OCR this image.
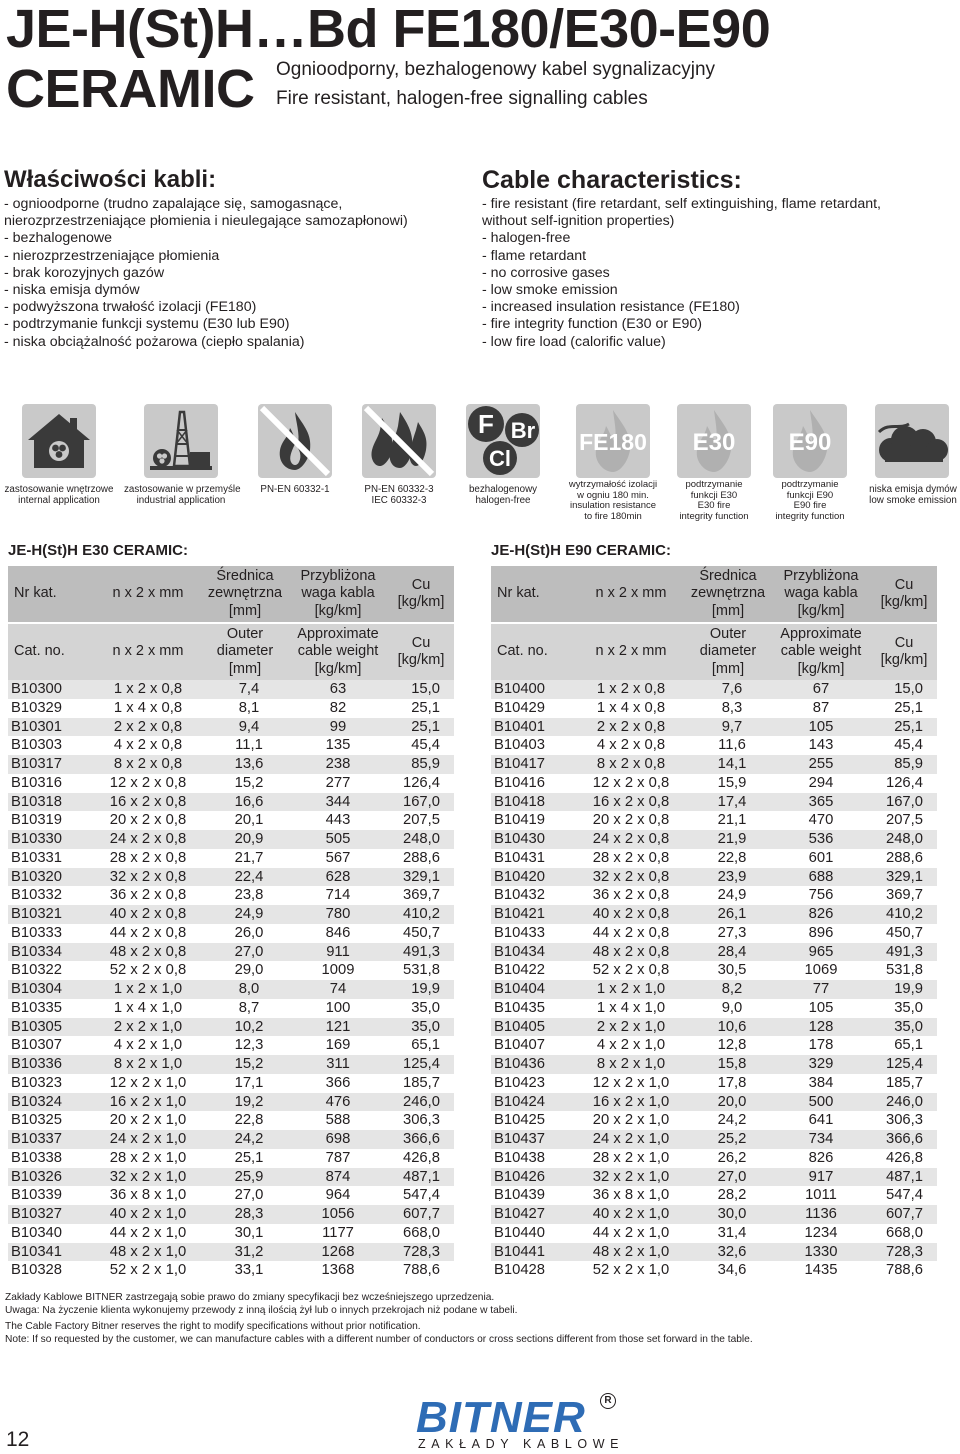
JE-H(St)H…Bd FE180/E30-E90
CERAMIC Ognioodporny, bezhalogenowy kabel sygnalizacyjny
Fire resistant, halogen-free signalling cables
Właściwości kabli:
- ognioodporne (trudno zapalające się, samogasnące,
nierozprzestrzeniające płomienia i nieulegające samozapłonowi)
- bezhalogenowe
- nierozprzestrzeniające płomienia
- brak korozyjnych gazów
- niska emisja dymów
- podwyższona trwałość izolacji (FE180)
- podtrzymanie funkcji systemu (E30 lub E90)
- niska obciążalność pożarowa (ciepło spalania)
Cable characteristics:
- fire resistant (fire retardant, self extinguishing, flame retardant,
without self-ignition properties)
- halogen-free
- flame retardant
- no corrosive gases
- low smoke emission
- increased insulation resistance (FE180)
- fire integrity function (E30 or E90)
- low fire load (calorific value)
zastosowanie wnętrzowe
internal application
zastosowanie w przemyśle
industrial application
PN-EN 60332-1	PN-EN 60332-3
IEC 60332-3
F Br
Cl
bezhalogenowy
halogen-free
FE180
wytrzymałość izolacji
w ogniu 180 min.
insulation resistance
to fire 180min
E30
podtrzymanie
funkcji E30
E30 fire
integrity function
E90
podtrzymanie
funkcji E90
E90 fire
integrity function
niska emisja dymów
low smoke emission
JE-H(St)H E30 CERAMIC:	JE-H(St)H E90 CERAMIC:
Nr kat.	n x 2 x mm	Średnica zewnętrzna [mm]	Przybliżona waga kabla [kg/km]	Cu [kg/km]
Cat. no.	n x 2 x mm	Outer diameter [mm]	Approximate cable weight [kg/km]	Cu [kg/km]
B10300	1 x 2 x 0,8	7,4	63	15,0
B10329	1 x 4 x 0,8	8,1	82	25,1
B10301	2 x 2 x 0,8	9,4	99	25,1
B10303	4 x 2 x 0,8	11,1	135	45,4
B10317	8 x 2 x 0,8	13,6	238	85,9
B10316	12 x 2 x 0,8	15,2	277	126,4
B10318	16 x 2 x 0,8	16,6	344	167,0
B10319	20 x 2 x 0,8	20,1	443	207,5
B10330	24 x 2 x 0,8	20,9	505	248,0
B10331	28 x 2 x 0,8	21,7	567	288,6
B10320	32 x 2 x 0,8	22,4	628	329,1
B10332	36 x 2 x 0,8	23,8	714	369,7
B10321	40 x 2 x 0,8	24,9	780	410,2
B10333	44 x 2 x 0,8	26,0	846	450,7
B10334	48 x 2 x 0,8	27,0	911	491,3
B10322	52 x 2 x 0,8	29,0	1009	531,8
B10304	1 x 2 x 1,0	8,0	74	19,9
B10335	1 x 4 x 1,0	8,7	100	35,0
B10305	2 x 2 x 1,0	10,2	121	35,0
B10307	4 x 2 x 1,0	12,3	169	65,1
B10336	8 x 2 x 1,0	15,2	311	125,4
B10323	12 x 2 x 1,0	17,1	366	185,7
B10324	16 x 2 x 1,0	19,2	476	246,0
B10325	20 x 2 x 1,0	22,8	588	306,3
B10337	24 x 2 x 1,0	24,2	698	366,6
B10338	28 x 2 x 1,0	25,1	787	426,8
B10326	32 x 2 x 1,0	25,9	874	487,1
B10339	36 x 8 x 1,0	27,0	964	547,4
B10327	40 x 2 x 1,0	28,3	1056	607,7
B10340	44 x 2 x 1,0	30,1	1177	668,0
B10341	48 x 2 x 1,0	31,2	1268	728,3
B10328	52 x 2 x 1,0	33,1	1368	788,6
Nr kat.	n x 2 x mm	Średnica zewnętrzna [mm]	Przybliżona waga kabla [kg/km]	Cu [kg/km]
Cat. no.	n x 2 x mm	Outer diameter [mm]	Approximate cable weight [kg/km]	Cu [kg/km]
B10400	1 x 2 x 0,8	7,6	67	15,0
B10429	1 x 4 x 0,8	8,3	87	25,1
B10401	2 x 2 x 0,8	9,7	105	25,1
B10403	4 x 2 x 0,8	11,6	143	45,4
B10417	8 x 2 x 0,8	14,1	255	85,9
B10416	12 x 2 x 0,8	15,9	294	126,4
B10418	16 x 2 x 0,8	17,4	365	167,0
B10419	20 x 2 x 0,8	21,1	470	207,5
B10430	24 x 2 x 0,8	21,9	536	248,0
B10431	28 x 2 x 0,8	22,8	601	288,6
B10420	32 x 2 x 0,8	23,9	688	329,1
B10432	36 x 2 x 0,8	24,9	756	369,7
B10421	40 x 2 x 0,8	26,1	826	410,2
B10433	44 x 2 x 0,8	27,3	896	450,7
B10434	48 x 2 x 0,8	28,4	965	491,3
B10422	52 x 2 x 0,8	30,5	1069	531,8
B10404	1 x 2 x 1,0	8,2	77	19,9
B10435	1 x 4 x 1,0	9,0	105	35,0
B10405	2 x 2 x 1,0	10,6	128	35,0
B10407	4 x 2 x 1,0	12,8	178	65,1
B10436	8 x 2 x 1,0	15,8	329	125,4
B10423	12 x 2 x 1,0	17,8	384	185,7
B10424	16 x 2 x 1,0	20,0	500	246,0
B10425	20 x 2 x 1,0	24,2	641	306,3
B10437	24 x 2 x 1,0	25,2	734	366,6
B10438	28 x 2 x 1,0	26,2	826	426,8
B10426	32 x 2 x 1,0	27,0	917	487,1
B10439	36 x 8 x 1,0	28,2	1011	547,4
B10427	40 x 2 x 1,0	30,0	1136	607,7
B10440	44 x 2 x 1,0	31,4	1234	668,0
B10441	48 x 2 x 1,0	32,6	1330	728,3
B10428	52 x 2 x 1,0	34,6	1435	788,6
Zakłady Kablowe BITNER zastrzegają sobie prawo do zmiany specyfikacji bez wcześniejszego uprzedzenia.
Uwaga: Na życzenie klienta wykonujemy przewody z inną ilością żył lub o innych przekrojach niż podane w tabeli.
The Cable Factory Bitner reserves the right to modify specifications without prior notification.
Note: If so requested by the customer, we can manufacture cables with a different number of conductors or cross sections different from those set forward in the table.
12	BITNER	R
ZAKŁADY KABLOWE
